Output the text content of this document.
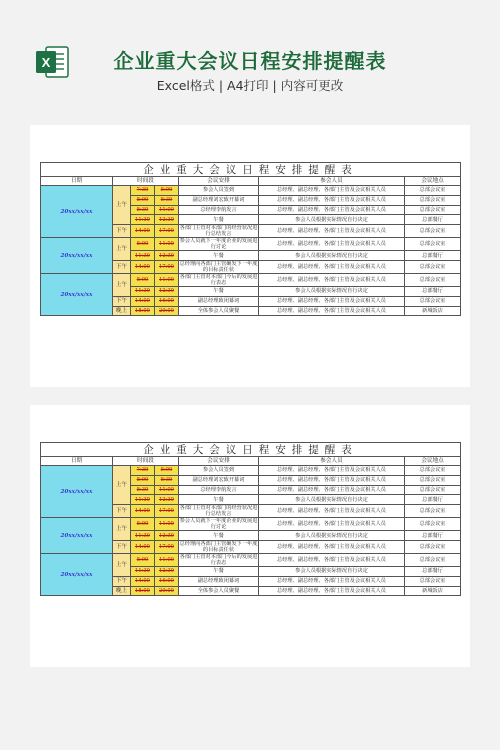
X	企业重大会议日程安排提醒表
Excel格式 | A4打印 | 内容可更改
企业重大会议日程安排提醒表						
日期	时间段			会议安排	参会人员	会议地点
20xx/xx/xx	上午	7:30	8:00	参会人员签到	总经理、副总经理、各部门主管及会议相关人员	总部会议室
		8:00	8:30	副总经理刘宏致开幕词	总经理、副总经理、各部门主管及会议相关人员	总部会议室
		8:30	11:00	总经理李航发言	总经理、副总经理、各部门主管及会议相关人员	总部会议室
		11:30	12:30	午餐	参会人员根据实际情况自行决定	总部餐厅
	下午	14:00	17:00	各部门主管对本部门的经营状况进行总结发言	总经理、副总经理、各部门主管及会议相关人员	总部会议室
20xx/xx/xx	上午	8:00	11:00	参会人员就下一年度企业的发展进行讨论	总经理、副总经理、各部门主管及会议相关人员	总部会议室
		11:30	12:30	午餐	参会人员根据实际情况自行决定	总部餐厅
	下午	14:00	17:00	总经理向各部门主管确发下一年度的目标责任状	总经理、副总经理、各部门主管及会议相关人员	总部会议室
20xx/xx/xx	上午	8:00	11:00	各部门主管对本部门今后的发展进行表态	总经理、副总经理、各部门主管及会议相关人员	总部会议室
		11:30	12:30	午餐	参会人员根据实际情况自行决定	总部餐厅
	下午	14:00	16:00	副总经理致闭幕词	总经理、副总经理、各部门主管及会议相关人员	总部会议室
	晚上	18:00	20:00	全体参会人员聚餐	总经理、副总经理、各部门主管及会议相关人员	新城饭店
企业重大会议日程安排提醒表						
日期	时间段			会议安排	参会人员	会议地点
20xx/xx/xx	上午	7:30	8:00	参会人员签到	总经理、副总经理、各部门主管及会议相关人员	总部会议室
		8:00	8:30	副总经理刘宏致开幕词	总经理、副总经理、各部门主管及会议相关人员	总部会议室
		8:30	11:00	总经理李航发言	总经理、副总经理、各部门主管及会议相关人员	总部会议室
		11:30	12:30	午餐	参会人员根据实际情况自行决定	总部餐厅
	下午	14:00	17:00	各部门主管对本部门的经营状况进行总结发言	总经理、副总经理、各部门主管及会议相关人员	总部会议室
20xx/xx/xx	上午	8:00	11:00	参会人员就下一年度企业的发展进行讨论	总经理、副总经理、各部门主管及会议相关人员	总部会议室
		11:30	12:30	午餐	参会人员根据实际情况自行决定	总部餐厅
	下午	14:00	17:00	总经理向各部门主管确发下一年度的目标责任状	总经理、副总经理、各部门主管及会议相关人员	总部会议室
20xx/xx/xx	上午	8:00	11:00	各部门主管对本部门今后的发展进行表态	总经理、副总经理、各部门主管及会议相关人员	总部会议室
		11:30	12:30	午餐	参会人员根据实际情况自行决定	总部餐厅
	下午	14:00	16:00	副总经理致闭幕词	总经理、副总经理、各部门主管及会议相关人员	总部会议室
	晚上	18:00	20:00	全体参会人员聚餐	总经理、副总经理、各部门主管及会议相关人员	新城饭店
